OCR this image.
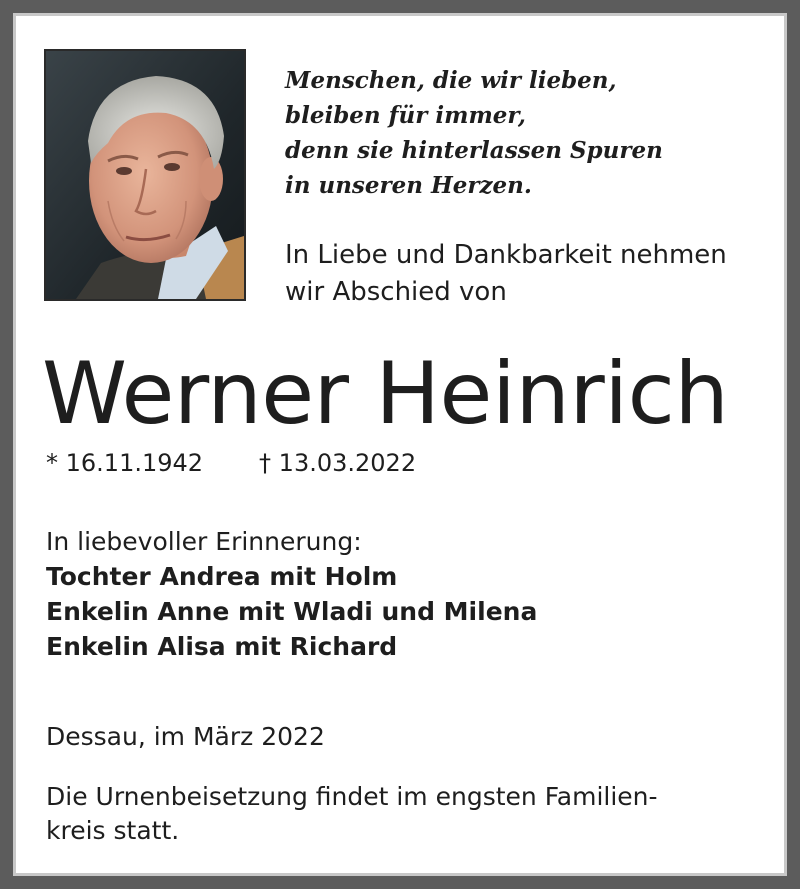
Menschen, die wir lieben,
bleiben für immer,
denn sie hinterlassen Spuren
in unseren Herzen.
In Liebe und Dankbarkeit nehmen
wir Abschied von
Werner Heinrich
* 16.11.1942 † 13.03.2022
In liebevoller Erinnerung:
Tochter Andrea mit Holm
Enkelin Anne mit Wladi und Milena
Enkelin Alisa mit Richard
Dessau, im März 2022
Die Urnenbeisetzung findet im engsten Familien-
kreis statt.
